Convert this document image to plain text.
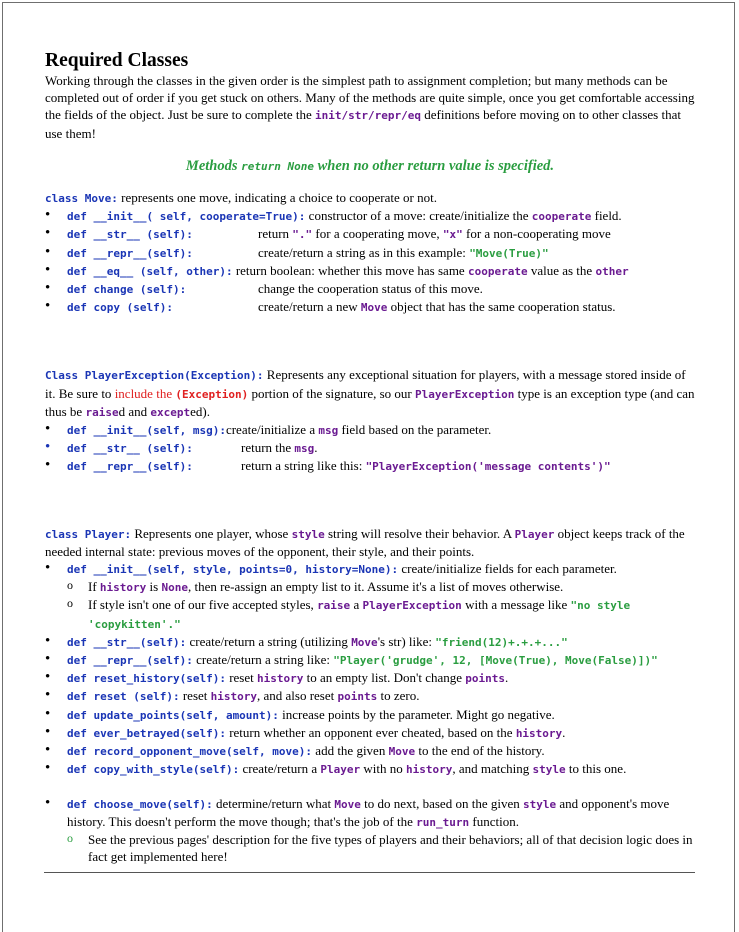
Required Classes

Working through the classes in the given order is the simplest path to assignment completion; but many methods can be completed out of order if you get stuck on others. Many of the methods are quite simple, once you get comfortable accessing the fields of the object. Just be sure to complete the init/str/repr/eq definitions before moving on to other classes that use them!

Methods return None when no other return value is specified.

class Move: represents one move, indicating a choice to cooperate or not.

• def __init__( self, cooperate=True): constructor of a move: create/initialize the cooperate field.
• def __str__ (self):	return "." for a cooperating move, "x" for a non-cooperating move
• def __repr__(self):	create/return a string as in this example: "Move(True)"
• def __eq__ (self, other): return boolean: whether this move has same cooperate value as the other
• def change (self):	change the cooperation status of this move.
• def copy (self):	create/return a new Move object that has the same cooperation status.

Class PlayerException(Exception): Represents any exceptional situation for players, with a message stored inside of it. Be sure to include the (Exception) portion of the signature, so our PlayerException type is an exception type (and can thus be raised and excepted).

• def __init__(self, msg):create/initialize a msg field based on the parameter.
• def __str__ (self):	return the msg.
• def __repr__(self):	return a string like this: "PlayerException('message contents')"

class Player: Represents one player, whose style string will resolve their behavior. A Player object keeps track of the needed internal state: previous moves of the opponent, their style, and their points.

• def __init__(self, style, points=0, history=None): create/initialize fields for each parameter.
o If history is None, then re-assign an empty list to it. Assume it's a list of moves otherwise.
o If style isn't one of our five accepted styles, raise a PlayerException with a message like "no style 'copykitten'."
• def __str__(self): create/return a string (utilizing Move's str) like: "friend(12)+.+.+..."
• def __repr__(self): create/return a string like: "Player('grudge', 12, [Move(True), Move(False)])"
• def reset_history(self): reset history to an empty list. Don't change points.
• def reset (self): reset history, and also reset points to zero.
• def update_points(self, amount): increase points by the parameter. Might go negative.
• def ever_betrayed(self): return whether an opponent ever cheated, based on the history.
• def record_opponent_move(self, move): add the given Move to the end of the history.
• def copy_with_style(self): create/return a Player with no history, and matching style to this one.
• def choose_move(self): determine/return what Move to do next, based on the given style and opponent's move history. This doesn't perform the move though; that's the job of the run_turn function.
o See the previous pages' description for the five types of players and their behaviors; all of that decision logic does in fact get implemented here!
